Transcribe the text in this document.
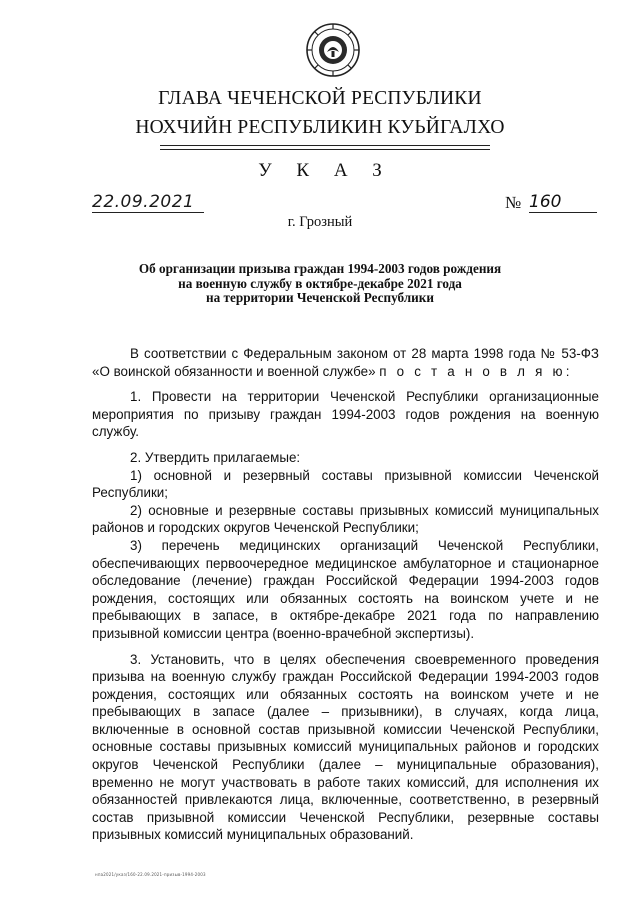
ГЛАВА ЧЕЧЕНСКОЙ РЕСПУБЛИКИ
НОХЧИЙН РЕСПУБЛИКИН КУЬЙГАЛХО
У К А З
22.09.2021	№ 160
г. Грозный
Об организации призыва граждан 1994-2003 годов рождения
на военную службу в октябре-декабре 2021 года
на территории Чеченской Республики

В соответствии с Федеральным законом от 28 марта 1998 года № 53-ФЗ «О воинской обязанности и военной службе» п о с т а н о в л я ю:

1. Провести на территории Чеченской Республики организационные мероприятия по призыву граждан 1994-2003 годов рождения на военную службу.

2. Утвердить прилагаемые:

1) основной и резервный составы призывной комиссии Чеченской Республики;

2) основные и резервные составы призывных комиссий муниципальных районов и городских округов Чеченской Республики;

3) перечень медицинских организаций Чеченской Республики, обеспечивающих первоочередное медицинское амбулаторное и стационарное обследование (лечение) граждан Российской Федерации 1994-2003 годов рождения, состоящих или обязанных состоять на воинском учете и не пребывающих в запасе, в октябре-декабре 2021 года по направлению призывной комиссии центра (военно-врачебной экспертизы).

3. Установить, что в целях обеспечения своевременного проведения призыва на военную службу граждан Российской Федерации 1994-2003 годов рождения, состоящих или обязанных состоять на воинском учете и не пребывающих в запасе (далее – призывники), в случаях, когда лица, включенные в основной состав призывной комиссии Чеченской Республики, основные составы призывных комиссий муниципальных районов и городских округов Чеченской Республики (далее – муниципальные образования), временно не могут участвовать в работе таких комиссий, для исполнения их обязанностей привлекаются лица, включенные, соответственно, в резервный состав призывной комиссии Чеченской Республики, резервные составы призывных комиссий муниципальных образований.

нпа2021/указ/160-22.09.2021-призыв-1994-2003
